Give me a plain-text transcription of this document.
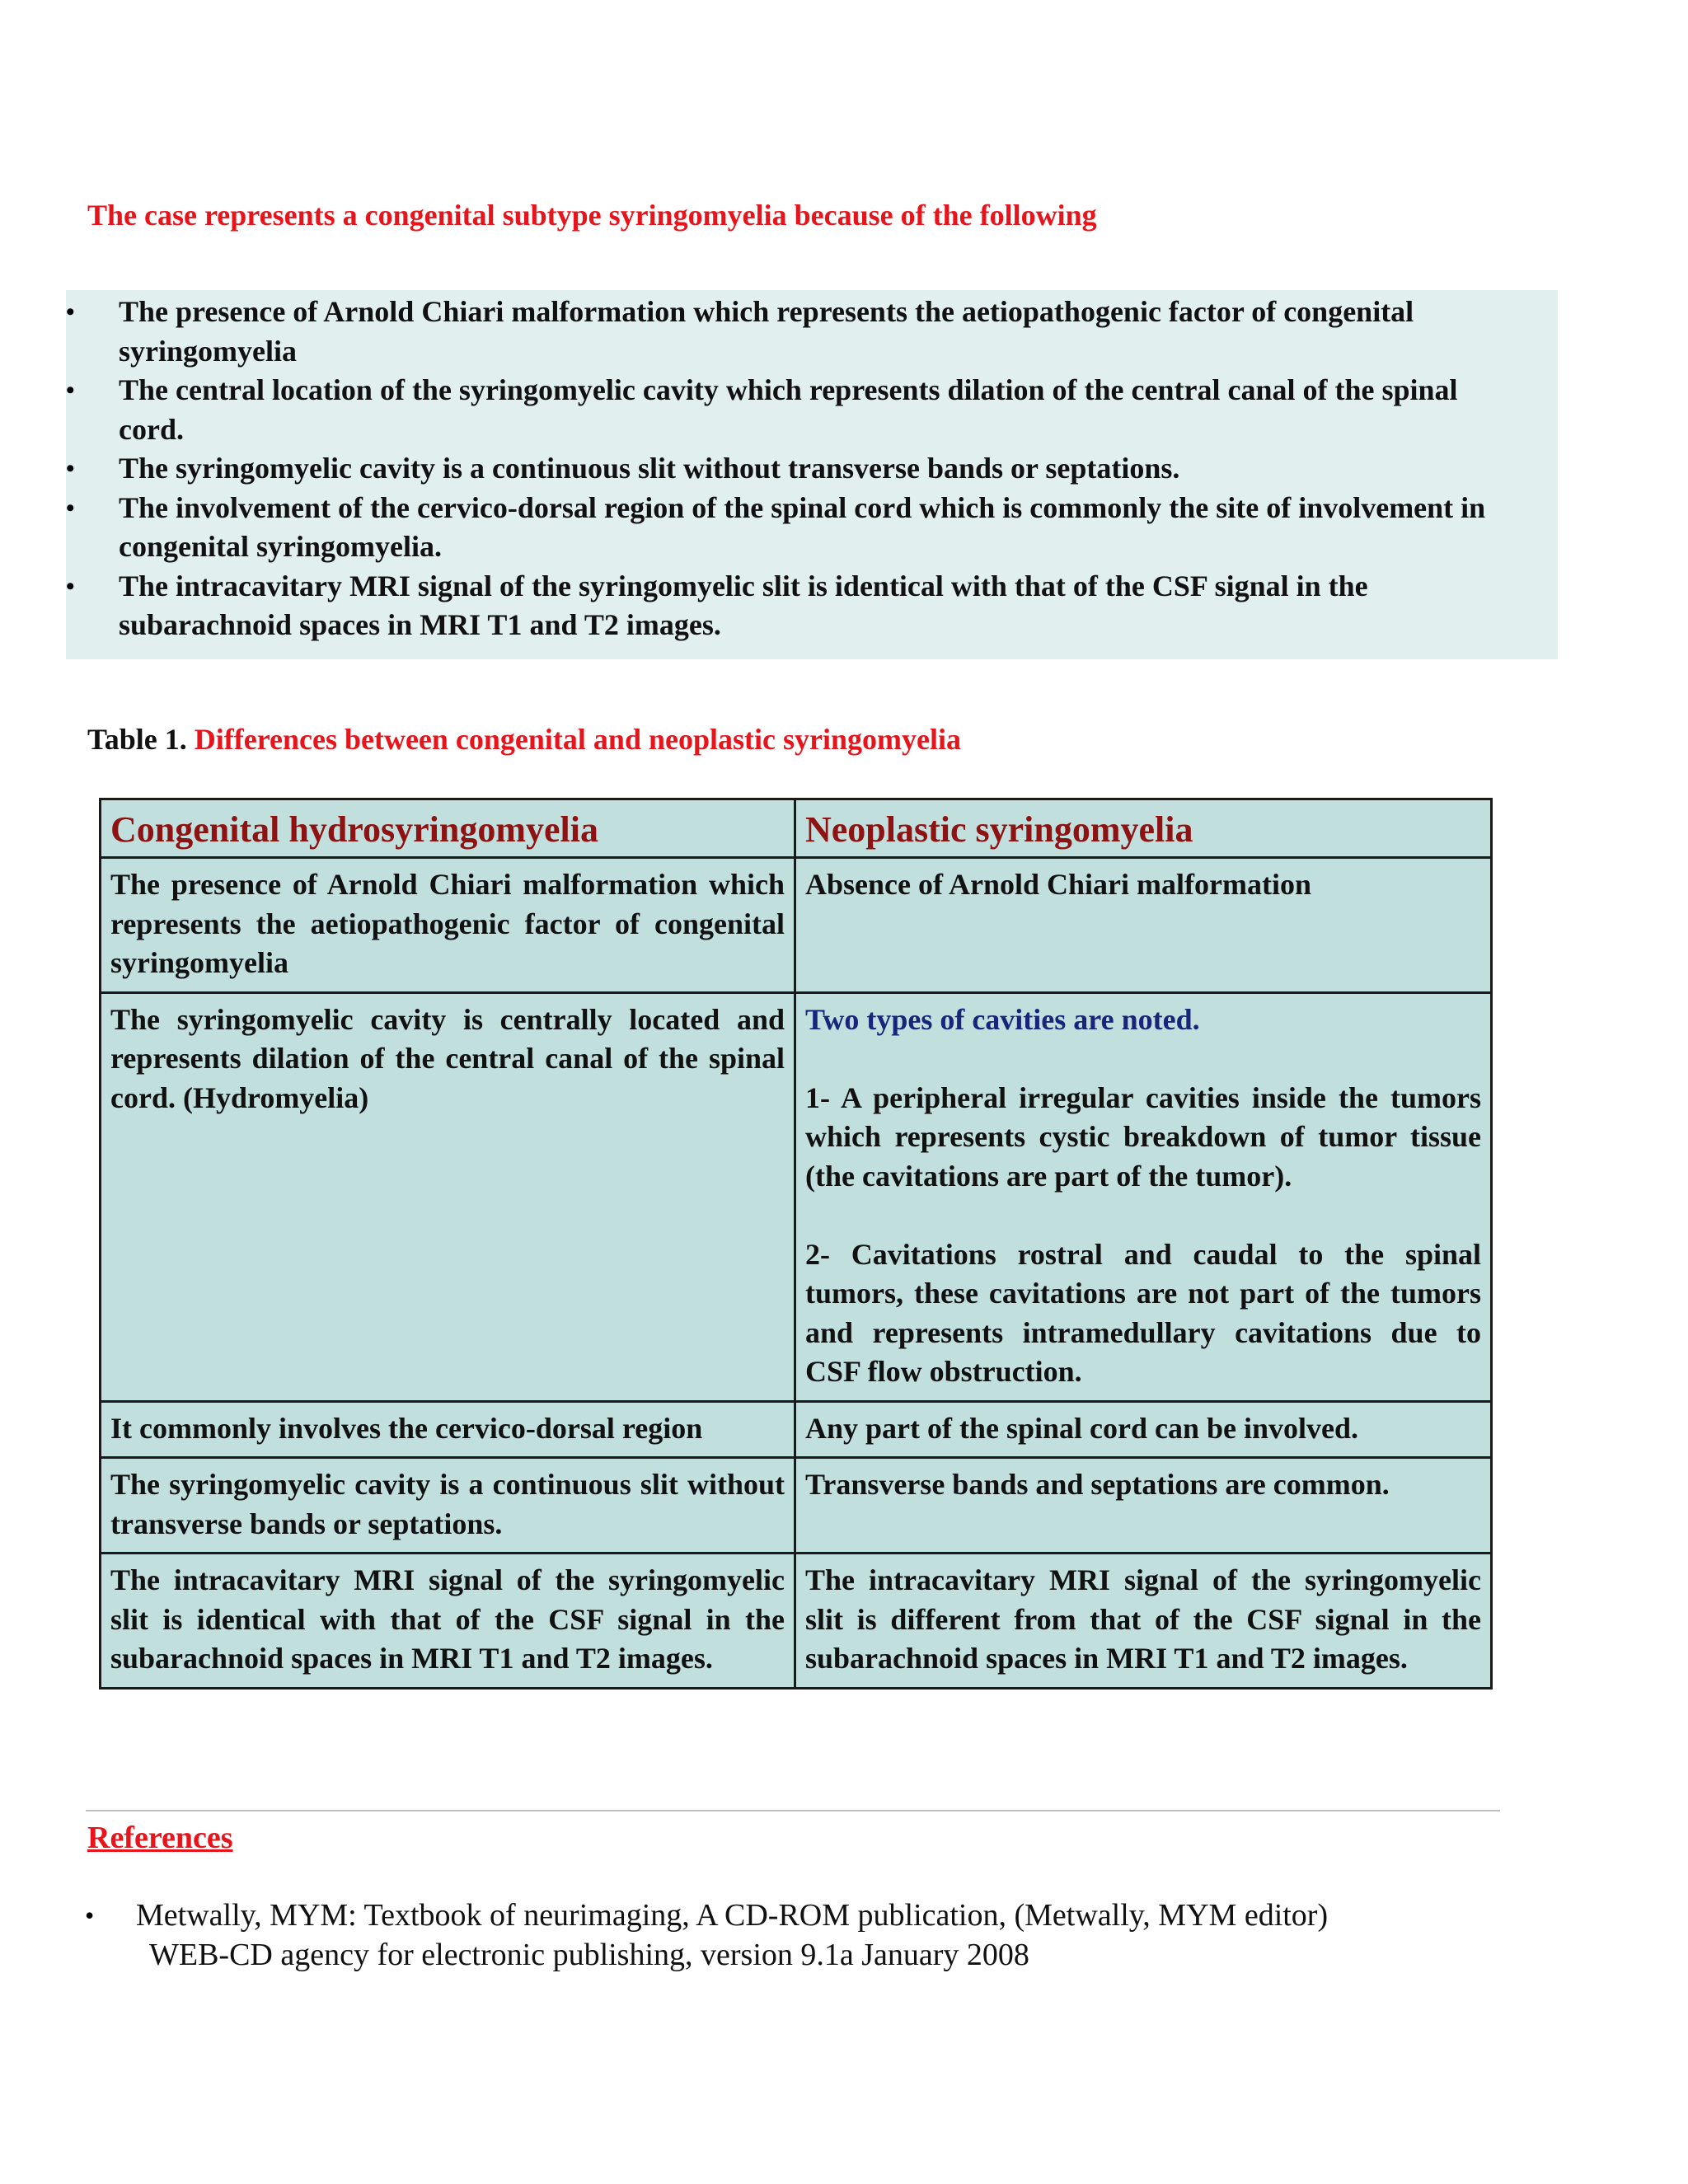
The case represents a congenital subtype syringomyelia because of the following
• The presence of Arnold Chiari malformation which represents the aetiopathogenic factor of congenital syringomyelia
• The central location of the syringomyelic cavity which represents dilation of the central canal of the spinal cord.
• The syringomyelic cavity is a continuous slit without transverse bands or septations.
• The involvement of the cervico-dorsal region of the spinal cord which is commonly the site of involvement in congenital syringomyelia.
• The intracavitary MRI signal of the syringomyelic slit is identical with that of the CSF signal in the subarachnoid spaces in MRI T1 and T2 images.
Table 1. Differences between congenital and neoplastic syringomyelia
Congenital hydrosyringomyelia	Neoplastic syringomyelia
The presence of Arnold Chiari malformation which represents the aetiopathogenic factor of congenital syringomyelia	Absence of Arnold Chiari malformation
The syringomyelic cavity is centrally located and represents dilation of the central canal of the spinal cord. (Hydromyelia)	Two types of cavities are noted.
1- A peripheral irregular cavities inside the tumors which represents cystic breakdown of tumor tissue (the cavitations are part of the tumor).
2- Cavitations rostral and caudal to the spinal tumors, these cavitations are not part of the tumors and represents intramedullary cavitations due to CSF flow obstruction.

It commonly involves the cervico-dorsal region	Any part of the spinal cord can be involved.
The syringomyelic cavity is a continuous slit without transverse bands or septations.	Transverse bands and septations are common.
The intracavitary MRI signal of the syringomyelic slit is identical with that of the CSF signal in the subarachnoid spaces in MRI T1 and T2 images.	The intracavitary MRI signal of the syringomyelic slit is different from that of the CSF signal in the subarachnoid spaces in MRI T1 and T2 images.
References
• Metwally, MYM: Textbook of neurimaging, A CD-ROM publication, (Metwally, MYM editor)
WEB-CD agency for electronic publishing, version 9.1a January 2008
